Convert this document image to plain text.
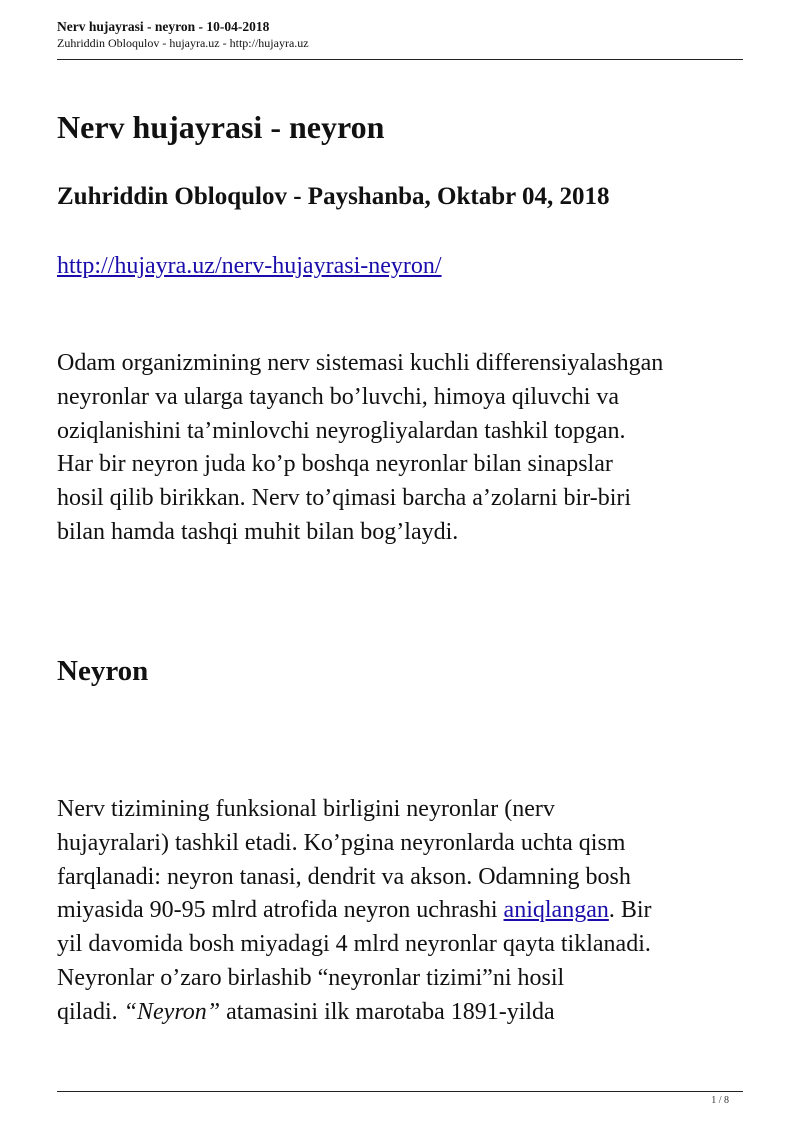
Nerv hujayrasi - neyron - 10-04-2018
Zuhriddin Obloqulov - hujayra.uz - http://hujayra.uz
Nerv hujayrasi - neyron
Zuhriddin Obloqulov - Payshanba, Oktabr 04, 2018
http://hujayra.uz/nerv-hujayrasi-neyron/

Odam organizmining nerv sistemasi kuchli differensiyalashgan
neyronlar va ularga tayanch bo’luvchi, himoya qiluvchi va
oziqlanishini ta’minlovchi neyrogliyalardan tashkil topgan.
Har bir neyron juda ko’p boshqa neyronlar bilan sinapslar
hosil qilib birikkan. Nerv to’qimasi barcha a’zolarni bir-biri
bilan hamda tashqi muhit bilan bog’laydi.

Neyron

Nerv tizimining funksional birligini neyronlar (nerv
hujayralari) tashkil etadi. Ko’pgina neyronlarda uchta qism
farqlanadi: neyron tanasi, dendrit va akson. Odamning bosh
miyasida 90-95 mlrd atrofida neyron uchrashi aniqlangan. Bir
yil davomida bosh miyadagi 4 mlrd neyronlar qayta tiklanadi.
Neyronlar o’zaro birlashib “neyronlar tizimi”ni hosil
qiladi. “Neyron” atamasini ilk marotaba 1891-yilda

1 / 8
